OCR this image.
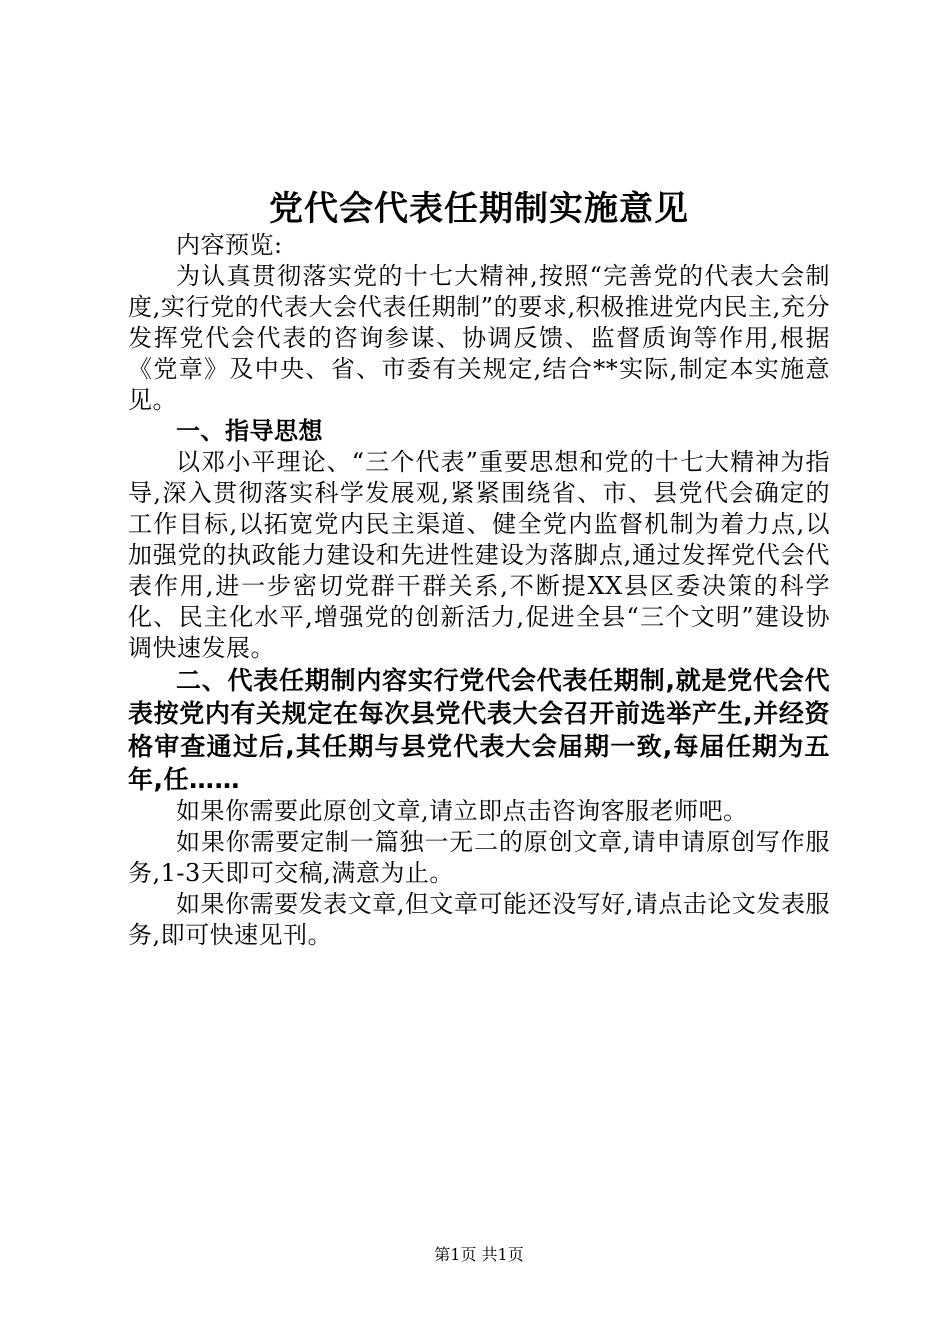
党代会代表任期制实施意见

内容预览:

为认真贯彻落实党的十七大精神,按照“完善党的代表大会制度,实行党的代表大会代表任期制”的要求,积极推进党内民主,充分发挥党代会代表的咨询参谋、协调反馈、监督质询等作用,根据《党章》及中央、省、市委有关规定,结合**实际,制定本实施意见。

一、指导思想

以邓小平理论、“三个代表”重要思想和党的十七大精神为指导,深入贯彻落实科学发展观,紧紧围绕省、市、县党代会确定的工作目标,以拓宽党内民主渠道、健全党内监督机制为着力点,以加强党的执政能力建设和先进性建设为落脚点,通过发挥党代会代表作用,进一步密切党群干群关系,不断提XX县区委决策的科学化、民主化水平,增强党的创新活力,促进全县“三个文明”建设协调快速发展。

二、代表任期制内容实行党代会代表任期制,就是党代会代表按党内有关规定在每次县党代表大会召开前选举产生,并经资格审查通过后,其任期与县党代表大会届期一致,每届任期为五年,任……

如果你需要此原创文章,请立即点击咨询客服老师吧。

如果你需要定制一篇独一无二的原创文章,请申请原创写作服务,1-3天即可交稿,满意为止。

如果你需要发表文章,但文章可能还没写好,请点击论文发表服务,即可快速见刊。

第1页 共1页
